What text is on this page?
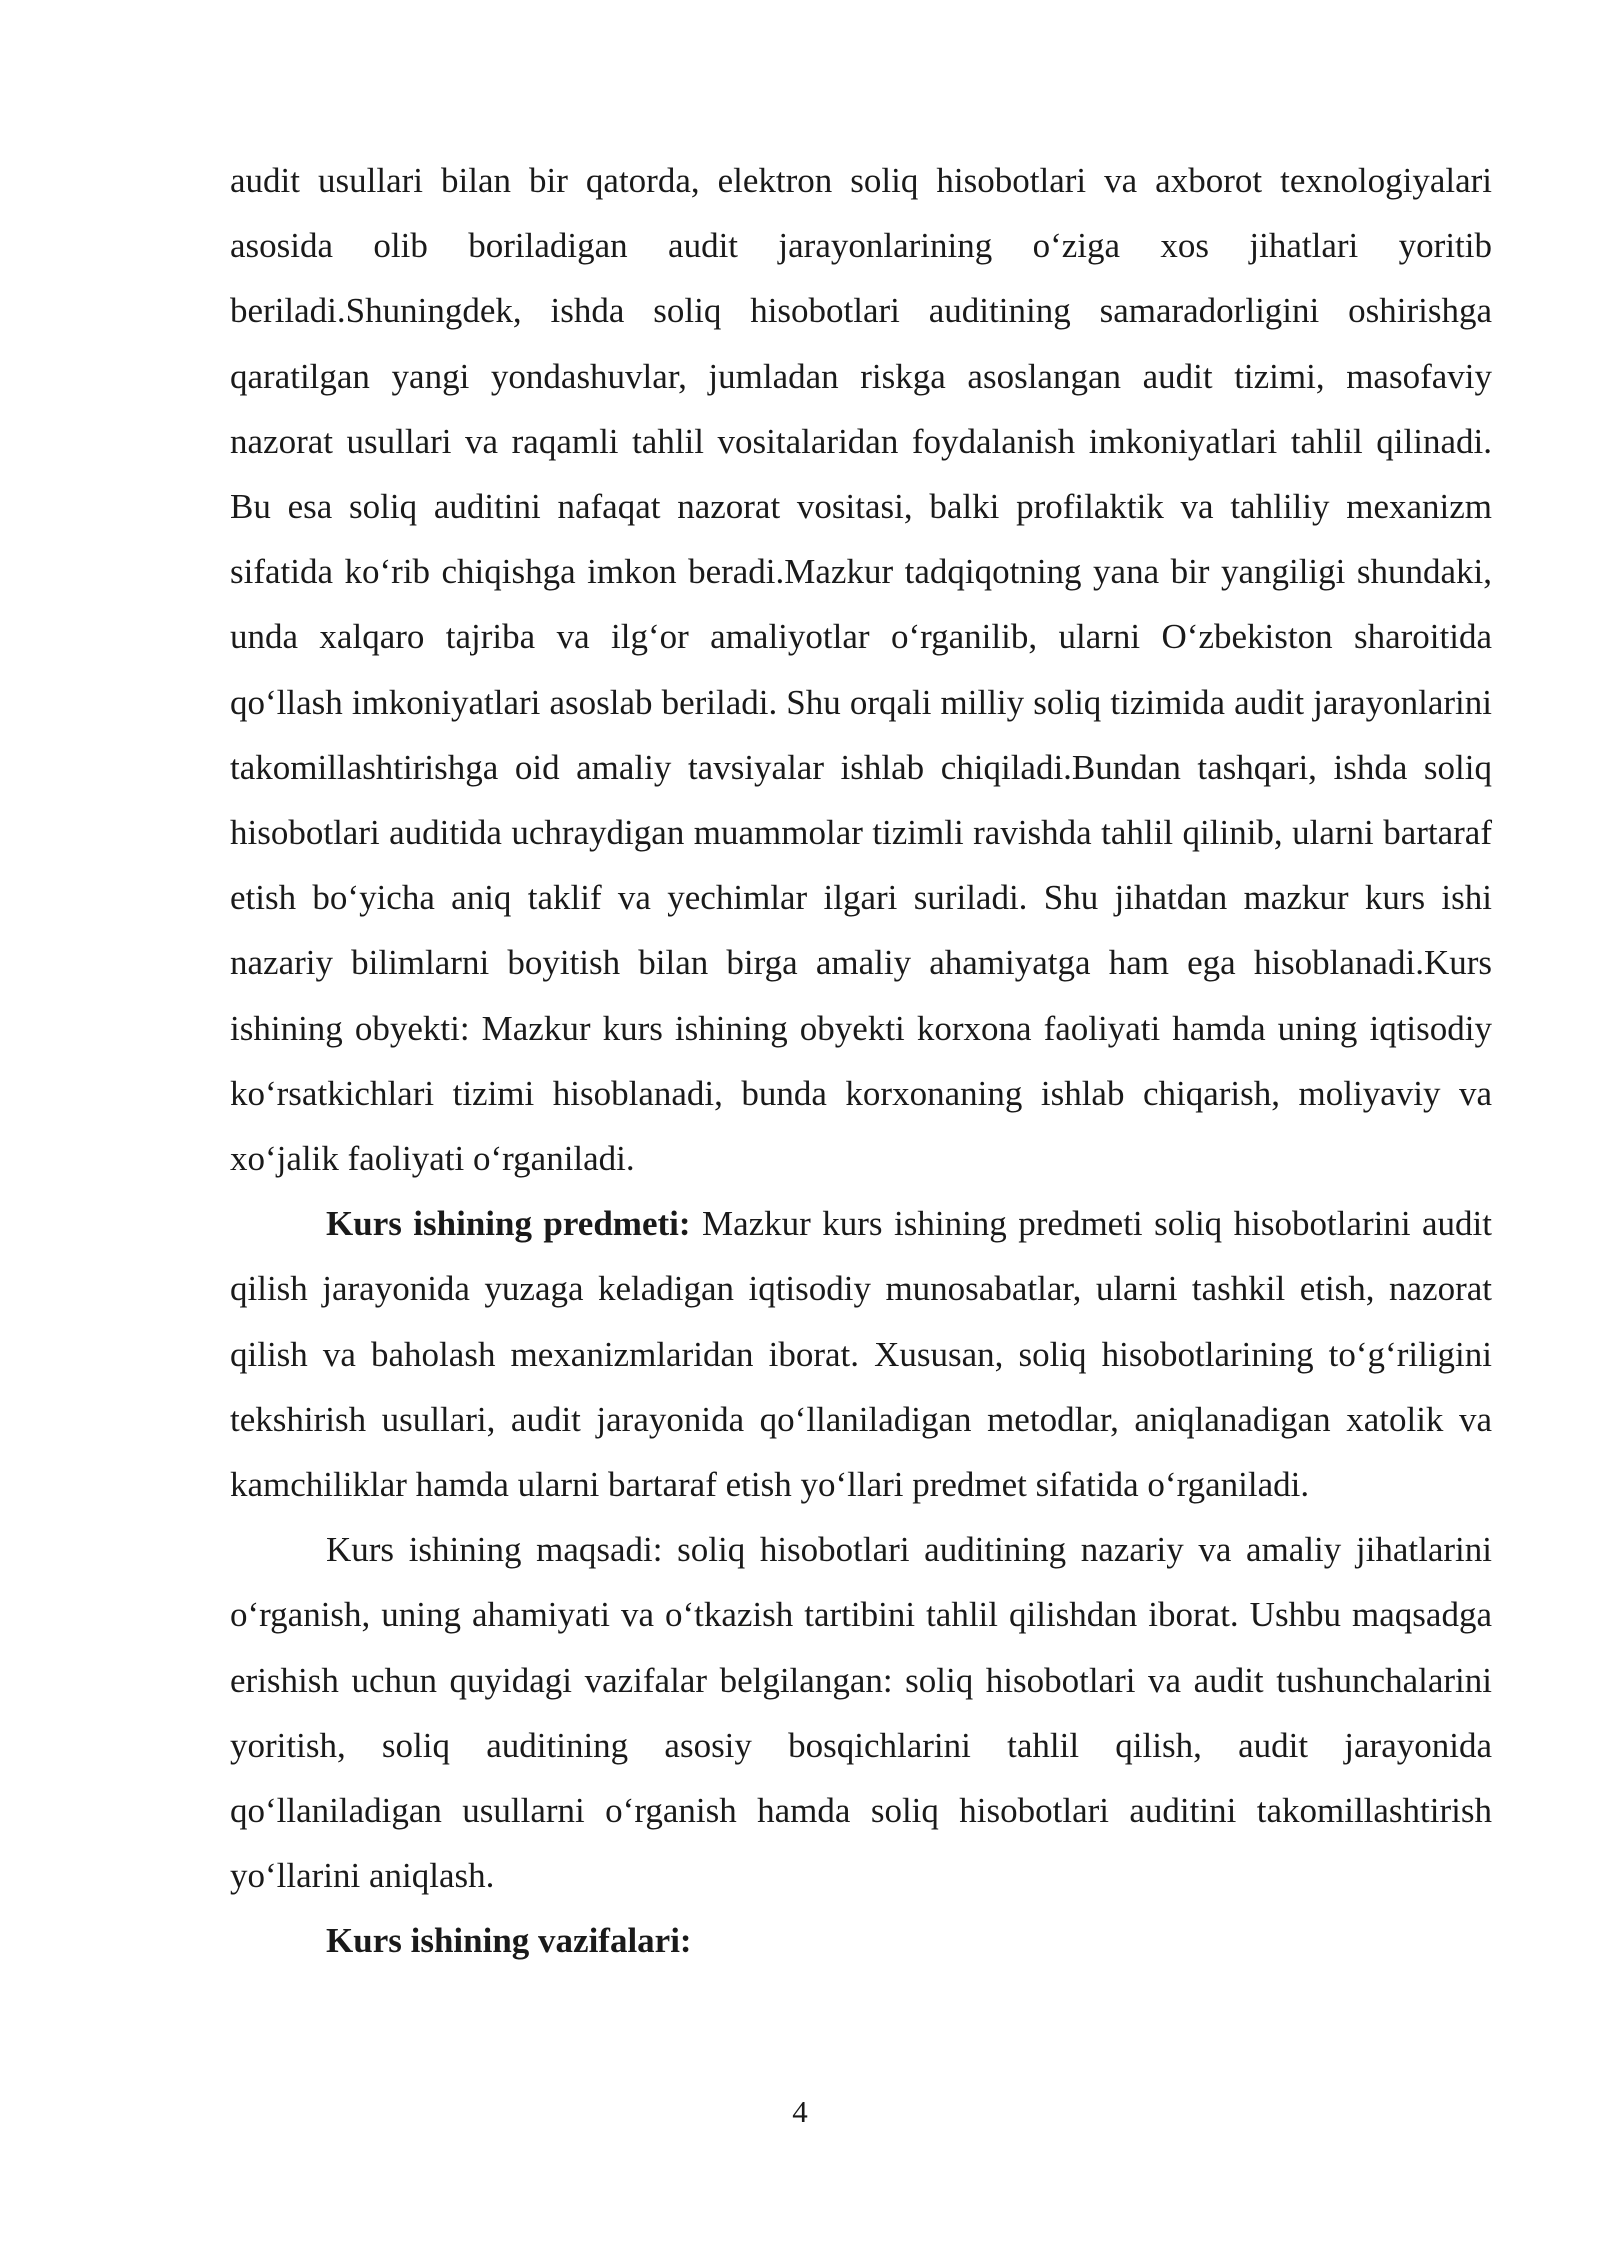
audit usullari bilan bir qatorda, elektron soliq hisobotlari va axborot texnologiyalari asosida olib boriladigan audit jarayonlarining o‘ziga xos jihatlari yoritib beriladi.Shuningdek, ishda soliq hisobotlari auditining samaradorligini oshirishga qaratilgan yangi yondashuvlar, jumladan riskga asoslangan audit tizimi, masofaviy nazorat usullari va raqamli tahlil vositalaridan foydalanish imkoniyatlari tahlil qilinadi. Bu esa soliq auditini nafaqat nazorat vositasi, balki profilaktik va tahliliy mexanizm sifatida ko‘rib chiqishga imkon beradi.Mazkur tadqiqotning yana bir yangiligi shundaki, unda xalqaro tajriba va ilg‘or amaliyotlar o‘rganilib, ularni O‘zbekiston sharoitida qo‘llash imkoniyatlari asoslab beriladi. Shu orqali milliy soliq tizimida audit jarayonlarini takomillashtirishga oid amaliy tavsiyalar ishlab chiqiladi.Bundan tashqari, ishda soliq hisobotlari auditida uchraydigan muammolar tizimli ravishda tahlil qilinib, ularni bartaraf etish bo‘yicha aniq taklif va yechimlar ilgari suriladi. Shu jihatdan mazkur kurs ishi nazariy bilimlarni boyitish bilan birga amaliy ahamiyatga ham ega hisoblanadi.Kurs ishining obyekti: Mazkur kurs ishining obyekti korxona faoliyati hamda uning iqtisodiy ko‘rsatkichlari tizimi hisoblanadi, bunda korxonaning ishlab chiqarish, moliyaviy va xo‘jalik faoliyati o‘rganiladi.

Kurs ishining predmeti: Mazkur kurs ishining predmeti soliq hisobotlarini audit qilish jarayonida yuzaga keladigan iqtisodiy munosabatlar, ularni tashkil etish, nazorat qilish va baholash mexanizmlaridan iborat. Xususan, soliq hisobotlarining to‘g‘riligini tekshirish usullari, audit jarayonida qo‘llaniladigan metodlar, aniqlanadigan xatolik va kamchiliklar hamda ularni bartaraf etish yo‘llari predmet sifatida o‘rganiladi.

Kurs ishining maqsadi: soliq hisobotlari auditining nazariy va amaliy jihatlarini o‘rganish, uning ahamiyati va o‘tkazish tartibini tahlil qilishdan iborat. Ushbu maqsadga erishish uchun quyidagi vazifalar belgilangan: soliq hisobotlari va audit tushunchalarini yoritish, soliq auditining asosiy bosqichlarini tahlil qilish, audit jarayonida qo‘llaniladigan usullarni o‘rganish hamda soliq hisobotlari auditini takomillashtirish yo‘llarini aniqlash.

Kurs ishining vazifalari:

4
